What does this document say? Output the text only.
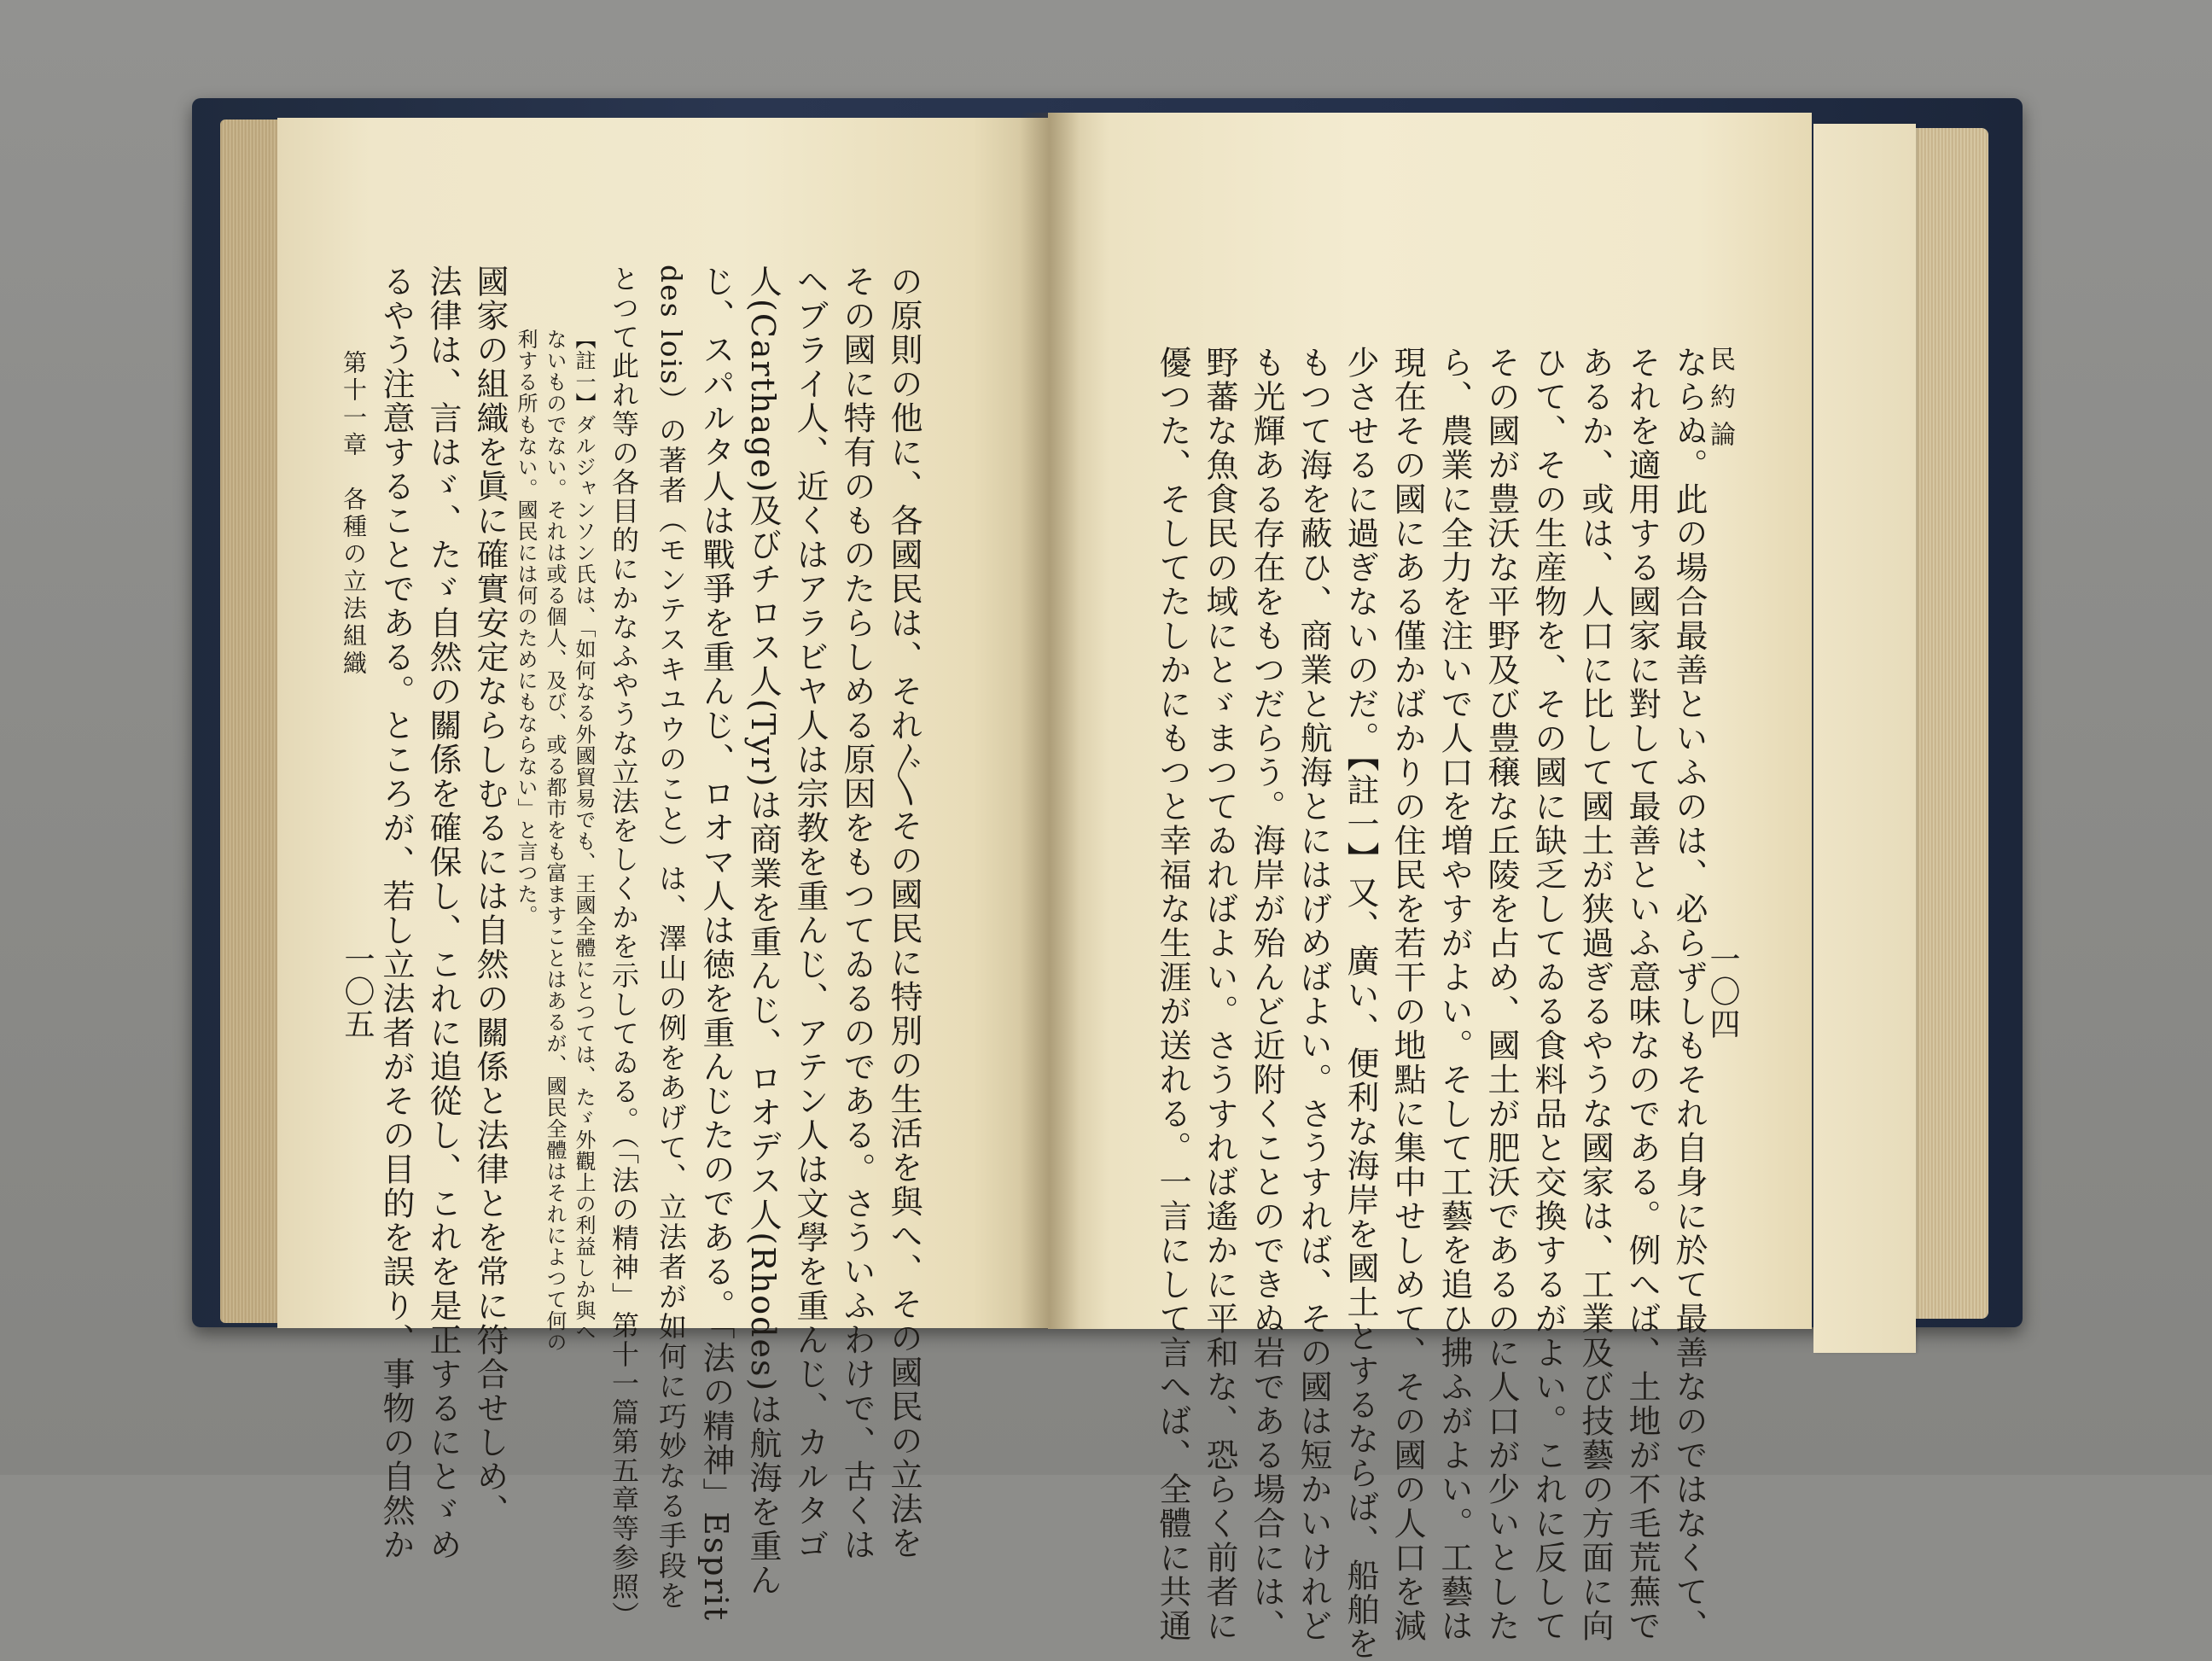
民約論
一〇四
ならぬ。此の場合最善といふのは、必らずしもそれ自身に於て最善なのではなくて、
それを適用する國家に對して最善といふ意味なのである。例へば、土地が不毛荒蕪で
あるか、或は、人口に比して國土が狭過ぎるやうな國家は、工業及び技藝の方面に向
ひて、その生産物を、その國に缺乏してゐる食料品と交換するがよい。これに反して
その國が豊沃な平野及び豊穣な丘陵を占め、國土が肥沃であるのに人口が少いとした
ら、農業に全力を注いで人口を増やすがよい。そして工藝を追ひ拂ふがよい。工藝は
現在その國にある僅かばかりの住民を若干の地點に集中せしめて、その國の人口を減
少させるに過ぎないのだ。【註一】又、廣い、便利な海岸を國土とするならば、船舶を
もつて海を蔽ひ、商業と航海とにはげめばよい。さうすれば、その國は短かいけれど
も光輝ある存在をもつだらう。海岸が殆んど近附くことのできぬ岩である場合には、
野蕃な魚食民の域にとゞまつてゐればよい。さうすれば遙かに平和な、恐らく前者に
優つた、そしてたしかにもつと幸福な生涯が送れる。一言にして言へば、全體に共通
の原則の他に、各國民は、それ〴〵その國民に特別の生活を與へ、その國民の立法を
その國に特有のものたらしめる原因をもつてゐるのである。さういふわけで、古くは
ヘブライ人、近くはアラビヤ人は宗教を重んじ、アテン人は文學を重んじ、カルタゴ
人(Carthage)及びチロス人(Tyr)は商業を重んじ、ロオデス人(Rhodes)は航海を重ん
じ、スパルタ人は戰爭を重んじ、ロオマ人は徳を重んじたのである。「法の精神」Esprit
des lois）の著者（モンテスキユウのこと）は、澤山の例をあげて、立法者が如何に巧妙なる手段を
とつて此れ等の各目的にかなふやうな立法をしくかを示してゐる。（「法の精神」第十一篇第五章等参照）
【註一】ダルジャンソン氏は、「如何なる外國貿易でも、王國全體にとつては、たゞ外觀上の利益しか與へ
ないものでない。それは或る個人、及び、或る都市をも富ますことはあるが、國民全體はそれによつて何の
利する所もない。國民には何のためにもならない」と言つた。
國家の組織を眞に確實安定ならしむるには自然の關係と法律とを常に符合せしめ、
法律は、言はゞ、たゞ自然の關係を確保し、これに追從し、これを是正するにとゞめ
るやう注意することである。ところが、若し立法者がその目的を誤り、事物の自然か
第十一章　各種の立法組織
一〇五
